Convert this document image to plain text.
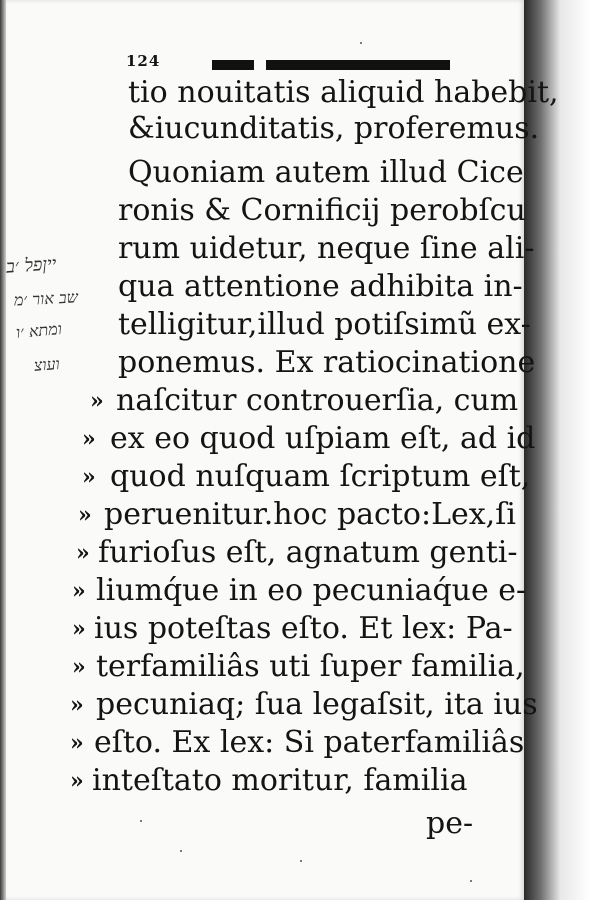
124
tio nouitatis aliquid habebit,
&iucunditatis, proferemus.
Quoniam autem illud Cice
ronis & Cornificij perobſcu
rum uidetur, neque ſine ali-
qua attentione adhibita in-
telligitur,illud potiſsimũ ex-
ponemus. Ex ratiocinatione
» naſcitur controuerſia, cum
» ex eo quod uſpiam eſt, ad id
» quod nuſquam ſcriptum eſt,
» peruenitur.hoc pacto:Lex,ſi
» furioſus eſt, agnatum genti-
» liumq́ue in eo pecuniaq́ue e-
» ius poteſtas eſto. Et lex: Pa-
» terfamiliâs uti ſuper familia,
» pecuniaq; ſua legaſsit, ita ius
» eſto. Ex lex: Si paterfamiliâs
» inteſtato moritur, familia
pe-
ייןפל ׳ב
שב אור ׳מ
ומתא ׳ו
ועוצ
